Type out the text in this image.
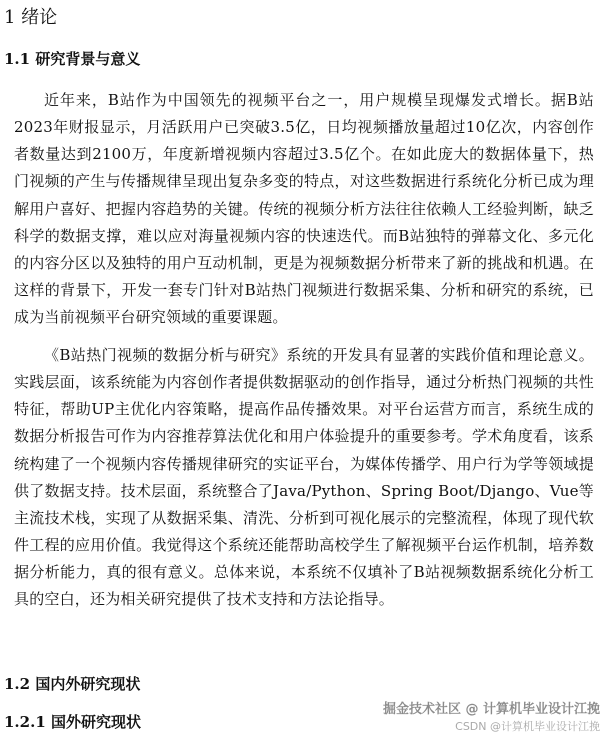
1 绪论
1.1 研究背景与意义

近年来，B站作为中国领先的视频平台之一，用户规模呈现爆发式增长。据B站2023年财报显示，月活跃用户已突破3.5亿，日均视频播放量超过10亿次，内容创作者数量达到2100万，年度新增视频内容超过3.5亿个。在如此庞大的数据体量下，热门视频的产生与传播规律呈现出复杂多变的特点，对这些数据进行系统化分析已成为理解用户喜好、把握内容趋势的关键。传统的视频分析方法往往依赖人工经验判断，缺乏科学的数据支撑，难以应对海量视频内容的快速迭代。而B站独特的弹幕文化、多元化的内容分区以及独特的用户互动机制，更是为视频数据分析带来了新的挑战和机遇。在这样的背景下，开发一套专门针对B站热门视频进行数据采集、分析和研究的系统，已成为当前视频平台研究领域的重要课题。

《B站热门视频的数据分析与研究》系统的开发具有显著的实践价值和理论意义。实践层面，该系统能为内容创作者提供数据驱动的创作指导，通过分析热门视频的共性特征，帮助UP主优化内容策略，提高作品传播效果。对平台运营方而言，系统生成的数据分析报告可作为内容推荐算法优化和用户体验提升的重要参考。学术角度看，该系统构建了一个视频内容传播规律研究的实证平台，为媒体传播学、用户行为学等领域提供了数据支持。技术层面，系统整合了Java/Python、Spring Boot/Django、Vue等主流技术栈，实现了从数据采集、清洗、分析到可视化展示的完整流程，体现了现代软件工程的应用价值。我觉得这个系统还能帮助高校学生了解视频平台运作机制，培养数据分析能力，真的很有意义。总体来说，本系统不仅填补了B站视频数据系统化分析工具的空白，还为相关研究提供了技术支持和方法论指导。

1.2 国内外研究现状
1.2.1 国外研究现状
掘金技术社区 @ 计算机毕业设计江挽
CSDN @计算机毕业设计江挽
